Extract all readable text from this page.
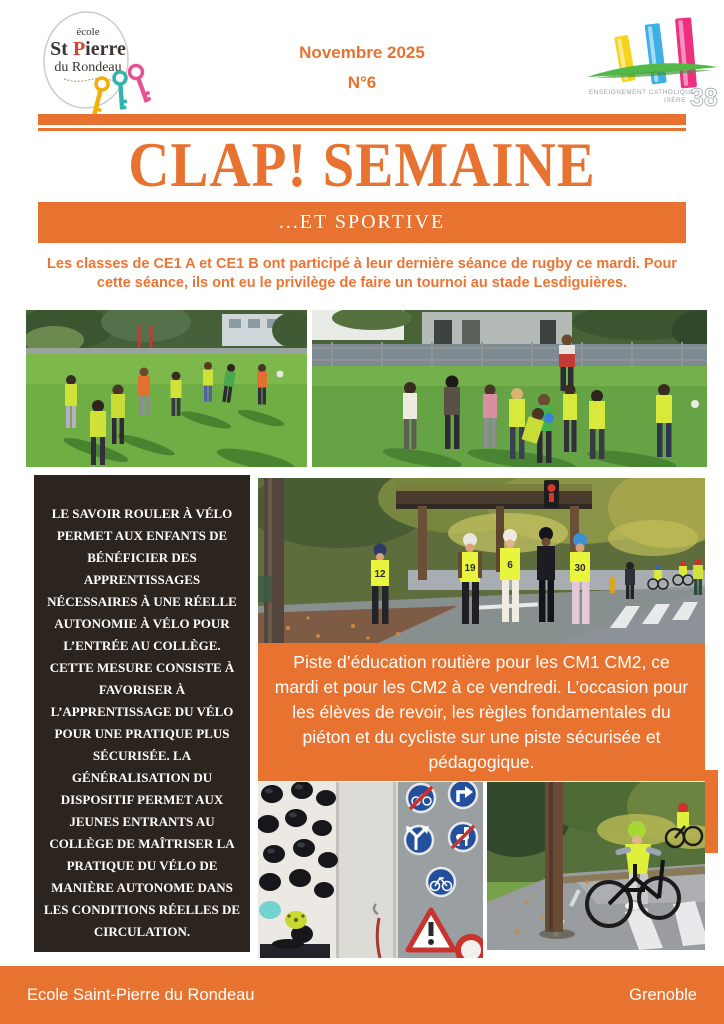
école
St Pierre
du Rondeau
Novembre 2025
N°6
ENSEIGNEMENT CATHOLIQUE
ISÈRE 38
CLAP! SEMAINE
...ET SPORTIVE
Les classes de CE1 A et CE1 B ont participé à leur dernière séance de rugby ce mardi. Pour cette séance, ils ont eu le privilège de faire un tournoi au stade Lesdiguières.
LE SAVOIR ROULER À VÉLO PERMET AUX ENFANTS DE BÉNÉFICIER DES APPRENTISSAGES NÉCESSAIRES À UNE RÉELLE AUTONOMIE À VÉLO POUR L’ENTRÉE AU COLLÈGE. CETTE MESURE CONSISTE À FAVORISER À L’APPRENTISSAGE DU VÉLO POUR UNE PRATIQUE PLUS SÉCURISÉE. LA GÉNÉRALISATION DU DISPOSITIF PERMET AUX JEUNES ENTRANTS AU COLLÈGE DE MAÎTRISER LA PRATIQUE DU VÉLO DE MANIÈRE AUTONOME DANS LES CONDITIONS RÉELLES DE CIRCULATION.
12
19	6	30
Piste d’éducation routière pour les CM1 CM2, ce mardi et pour les CM2 à ce vendredi. L’occasion pour les élèves de revoir, les règles fondamentales du piéton et du cycliste sur une piste sécurisée et pédagogique.
Ecole Saint-Pierre du Rondeau	Grenoble
